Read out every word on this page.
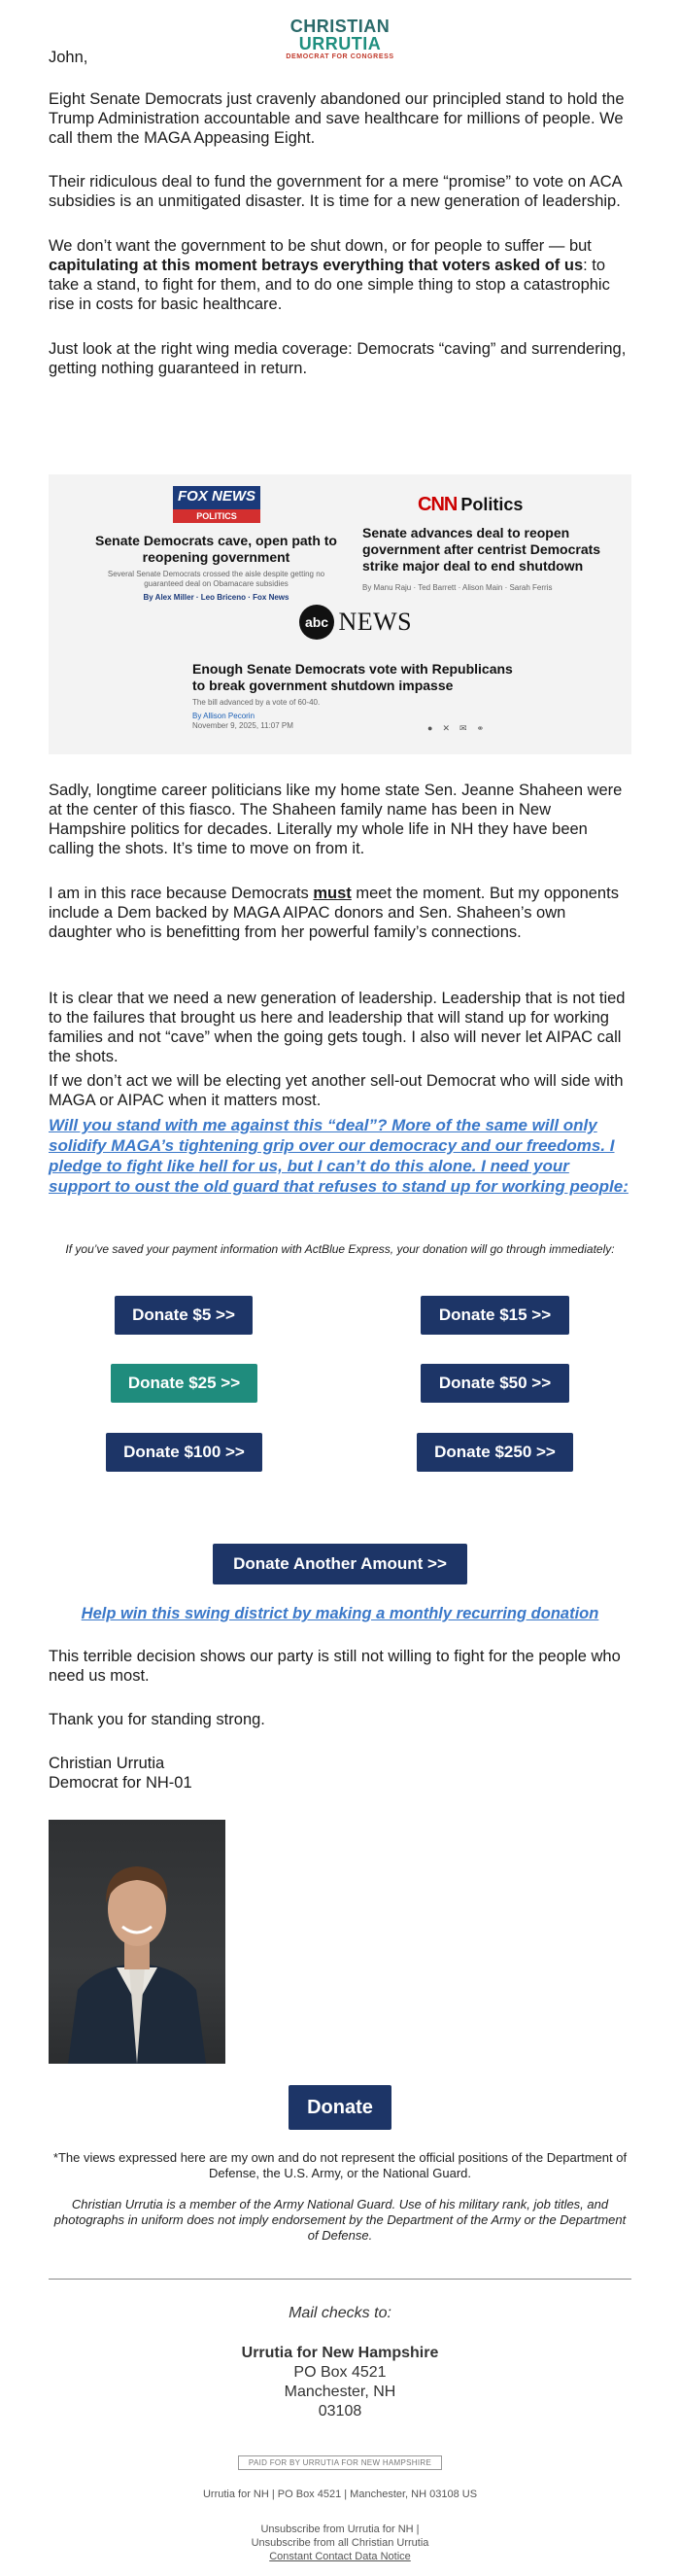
CHRISTIAN
URRUTIA
DEMOCRAT FOR CONGRESS

John,

Eight Senate Democrats just cravenly abandoned our principled stand to hold the Trump Administration accountable and save healthcare for millions of people. We call them the MAGA Appeasing Eight.

Their ridiculous deal to fund the government for a mere “promise” to vote on ACA subsidies is an unmitigated disaster. It is time for a new generation of leadership.

We don’t want the government to be shut down, or for people to suffer — but capitulating at this moment betrays everything that voters asked of us: to take a stand, to fight for them, and to do one simple thing to stop a catastrophic rise in costs for basic healthcare.

Just look at the right wing media coverage: Democrats “caving” and surrendering, getting nothing guaranteed in return.

FOX NEWS
POLITICS
Senate Democrats cave, open path to reopening government
Several Senate Democrats crossed the aisle despite getting no guaranteed deal on Obamacare subsidies
By Alex Miller · Leo Briceno · Fox News
CNN Politics
Senate advances deal to reopen government after centrist Democrats strike major deal to end shutdown
By Manu Raju · Ted Barrett · Alison Main · Sarah Ferris
abc NEWS
Enough Senate Democrats vote with Republicans to break government shutdown impasse
The bill advanced by a vote of 60-40.
By Allison Pecorin
November 9, 2025, 11:07 PM	● ✕ ✉ ⚭

Sadly, longtime career politicians like my home state Sen. Jeanne Shaheen were at the center of this fiasco. The Shaheen family name has been in New Hampshire politics for decades. Literally my whole life in NH they have been calling the shots. It’s time to move on from it.

I am in this race because Democrats must meet the moment. But my opponents include a Dem backed by MAGA AIPAC donors and Sen. Shaheen’s own daughter who is benefitting from her powerful family’s connections.

It is clear that we need a new generation of leadership. Leadership that is not tied to the failures that brought us here and leadership that will stand up for working families and not “cave” when the going gets tough. I also will never let AIPAC call the shots.

If we don’t act we will be electing yet another sell-out Democrat who will side with MAGA or AIPAC when it matters most.

Will you stand with me against this “deal”? More of the same will only solidify MAGA’s tightening grip over our democracy and our freedoms. I pledge to fight like hell for us, but I can’t do this alone. I need your support to oust the old guard that refuses to stand up for working people:

If you’ve saved your payment information with ActBlue Express, your donation will go through immediately:

Donate $5 >>	Donate $15 >>
Donate $25 >>	Donate $50 >>
Donate $100 >>	Donate $250 >>
Donate Another Amount >>
Help win this swing district by making a monthly recurring donation

This terrible decision shows our party is still not willing to fight for the people who need us most.

Thank you for standing strong.

Christian Urrutia

Democrat for NH-01

Donate
*The views expressed here are my own and do not represent the official positions of the Department of Defense, the U.S. Army, or the National Guard.
Christian Urrutia is a member of the Army National Guard. Use of his military rank, job titles, and photographs in uniform does not imply endorsement by the Department of the Army or the Department of Defense.
Mail checks to:
Urrutia for New Hampshire
PO Box 4521
Manchester, NH
03108
PAID FOR BY URRUTIA FOR NEW HAMPSHIRE
Urrutia for NH | PO Box 4521 | Manchester, NH 03108 US
Unsubscribe from Urrutia for NH |
Unsubscribe from all Christian Urrutia
Constant Contact Data Notice
